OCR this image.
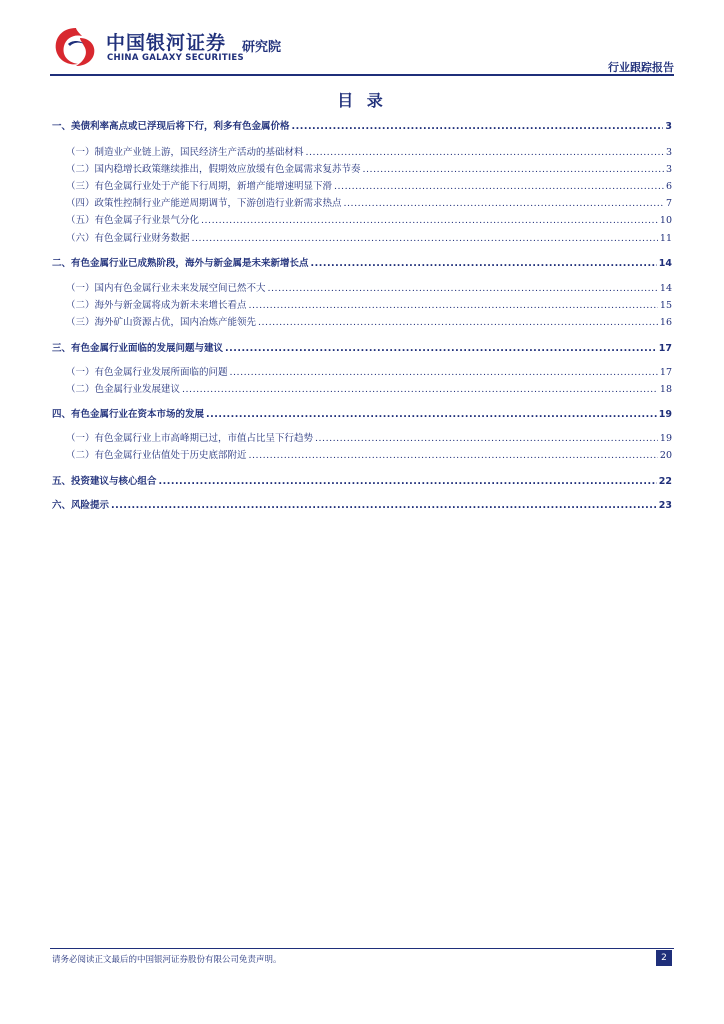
中国银河证券
CHINA GALAXY SECURITIES
研究院
行业跟踪报告
目 录
一、美债利率高点或已浮现后将下行，利多有色金属价格 .....	3
（一）制造业产业链上游，国民经济生产活动的基础材料 .....	3
（二）国内稳增长政策继续推出，假期效应放缓有色金属需求复苏节奏 .....	3
（三）有色金属行业处于产能下行周期，新增产能增速明显下滑 .....	6
（四）政策性控制行业产能逆周期调节，下游创造行业新需求热点 .....	7
（五）有色金属子行业景气分化 .....	10
（六）有色金属行业财务数据 .....	11
二、有色金属行业已成熟阶段，海外与新金属是未来新增长点 .....	14
（一）国内有色金属行业未来发展空间已然不大 .....	14
（二）海外与新金属将成为新未来增长看点 .....	15
（三）海外矿山资源占优，国内冶炼产能领先 .....	16
三、有色金属行业面临的发展问题与建议 .....	17
（一）有色金属行业发展所面临的问题 .....	17
（二）色金属行业发展建议 .....	18
四、有色金属行业在资本市场的发展 .....	19
（一）有色金属行业上市高峰期已过，市值占比呈下行趋势 .....	19
（二）有色金属行业估值处于历史底部附近 .....	20
五、投资建议与核心组合 .....	22
六、风险提示 .....	23
请务必阅读正文最后的中国银河证券股份有限公司免责声明。	2
